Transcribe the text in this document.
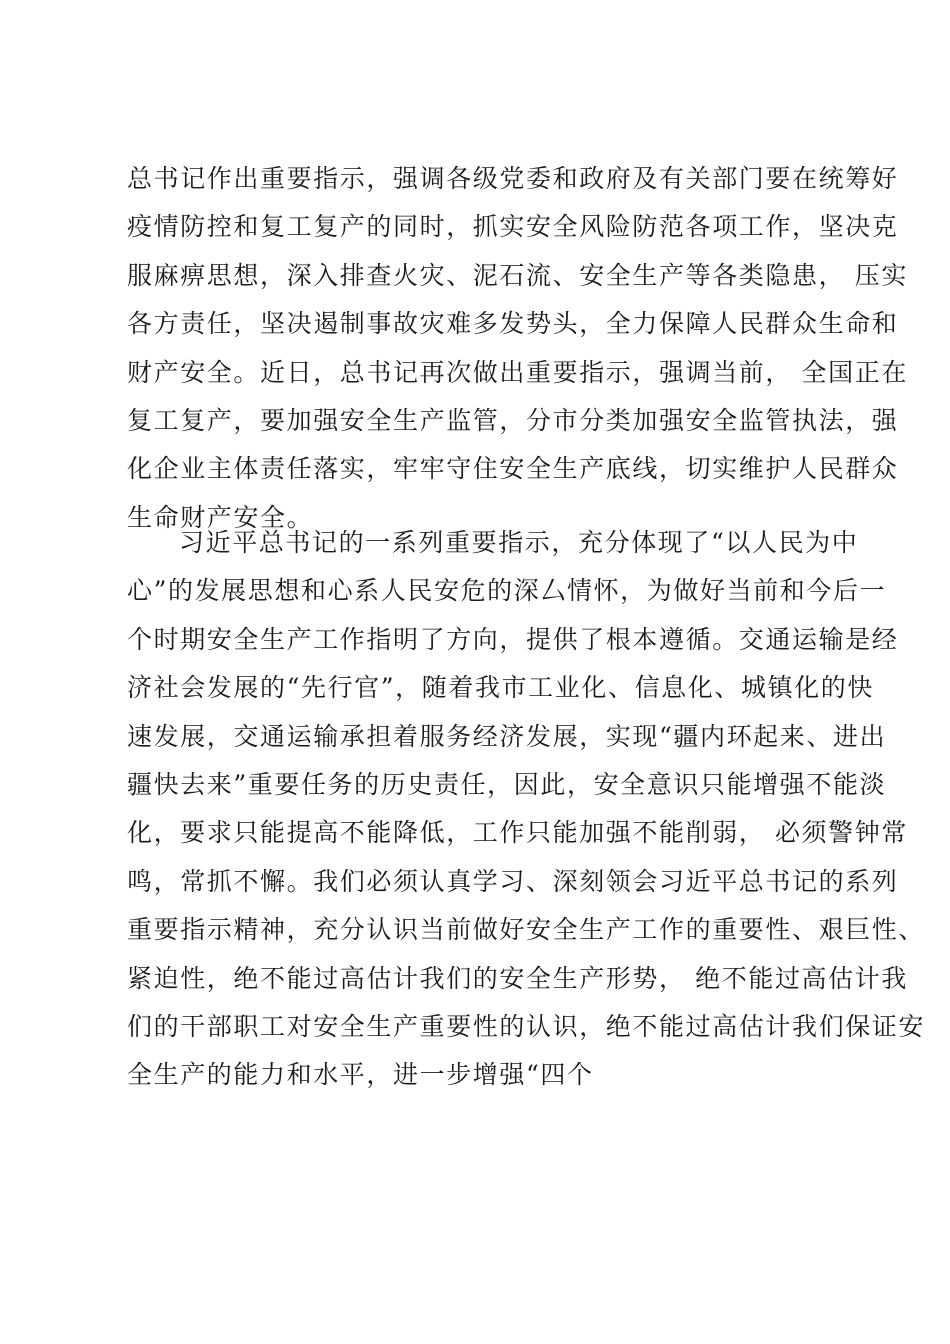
总书记作出重要指示，强调各级党委和政府及有关部门要在统筹好
疫情防控和复工复产的同时，抓实安全风险防范各项工作，坚决克
服麻痹思想，深入排查火灾、泥石流、安全生产等各类隐患， 压实
各方责任，坚决遏制事故灾难多发势头，全力保障人民群众生命和
财产安全。近日，总书记再次做出重要指示，强调当前， 全国正在
复工复产，要加强安全生产监管，分市分类加强安全监管执法，强
化企业主体责任落实，牢牢守住安全生产底线，切实维护人民群众
生命财产安全。
习近平总书记的一系列重要指示，充分体现了“以人民为中
心”的发展思想和心系人民安危的深厶情怀，为做好当前和今后一
个时期安全生产工作指明了方向，提供了根本遵循。交通运输是经
济社会发展的“先行官”，随着我市工业化、信息化、城镇化的快
速发展，交通运输承担着服务经济发展，实现“疆内环起来、进出
疆快去来”重要任务的历史责任，因此，安全意识只能增强不能淡
化，要求只能提高不能降低，工作只能加强不能削弱， 必须警钟常
鸣，常抓不懈。我们必须认真学习、深刻领会习近平总书记的系列
重要指示精神，充分认识当前做好安全生产工作的重要性、艰巨性、
紧迫性，绝不能过高估计我们的安全生产形势， 绝不能过高估计我
们的干部职工对安全生产重要性的认识，绝不能过高估计我们保证安
全生产的能力和水平，进一步增强“四个
